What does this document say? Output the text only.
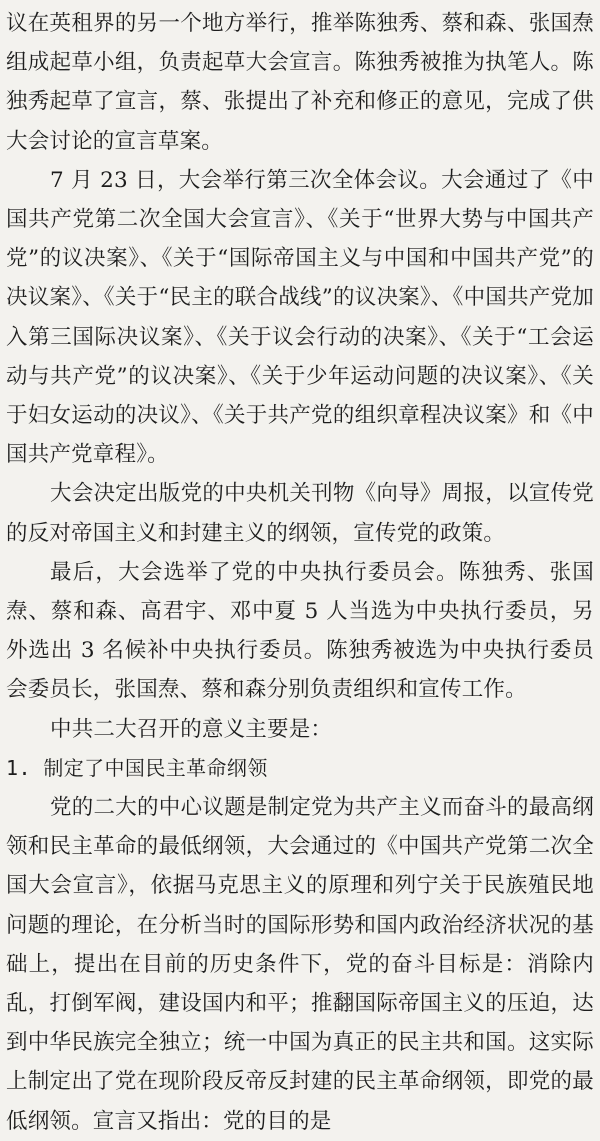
议在英租界的另一个地方举行，推举陈独秀、蔡和森、张国焘组成起草小组，负责起草大会宣言。陈独秀被推为执笔人。陈独秀起草了宣言，蔡、张提出了补充和修正的意见，完成了供大会讨论的宣言草案。

7 月 23 日，大会举行第三次全体会议。大会通过了《中国共产党第二次全国大会宣言》、《关于“世界大势与中国共产党”的议决案》、《关于“国际帝国主义与中国和中国共产党”的决议案》、《关于“民主的联合战线”的议决案》、《中国共产党加入第三国际决议案》、《关于议会行动的决案》、《关于“工会运动与共产党”的议决案》、《关于少年运动问题的决议案》、《关于妇女运动的决议》、《关于共产党的组织章程决议案》和《中国共产党章程》。

大会决定出版党的中央机关刊物《向导》周报，以宣传党的反对帝国主义和封建主义的纲领，宣传党的政策。

最后，大会选举了党的中央执行委员会。陈独秀、张国焘、蔡和森、高君宇、邓中夏 5 人当选为中央执行委员，另外选出 3 名候补中央执行委员。陈独秀被选为中央执行委员会委员长，张国焘、蔡和森分别负责组织和宣传工作。

中共二大召开的意义主要是：

1. 制定了中国民主革命纲领

党的二大的中心议题是制定党为共产主义而奋斗的最高纲领和民主革命的最低纲领，大会通过的《中国共产党第二次全国大会宣言》，依据马克思主义的原理和列宁关于民族殖民地问题的理论，在分析当时的国际形势和国内政治经济状况的基础上，提出在目前的历史条件下，党的奋斗目标是：消除内乱，打倒军阀，建设国内和平；推翻国际帝国主义的压迫，达到中华民族完全独立；统一中国为真正的民主共和国。这实际上制定出了党在现阶段反帝反封建的民主革命纲领，即党的最低纲领。宣言又指出：党的目的是
